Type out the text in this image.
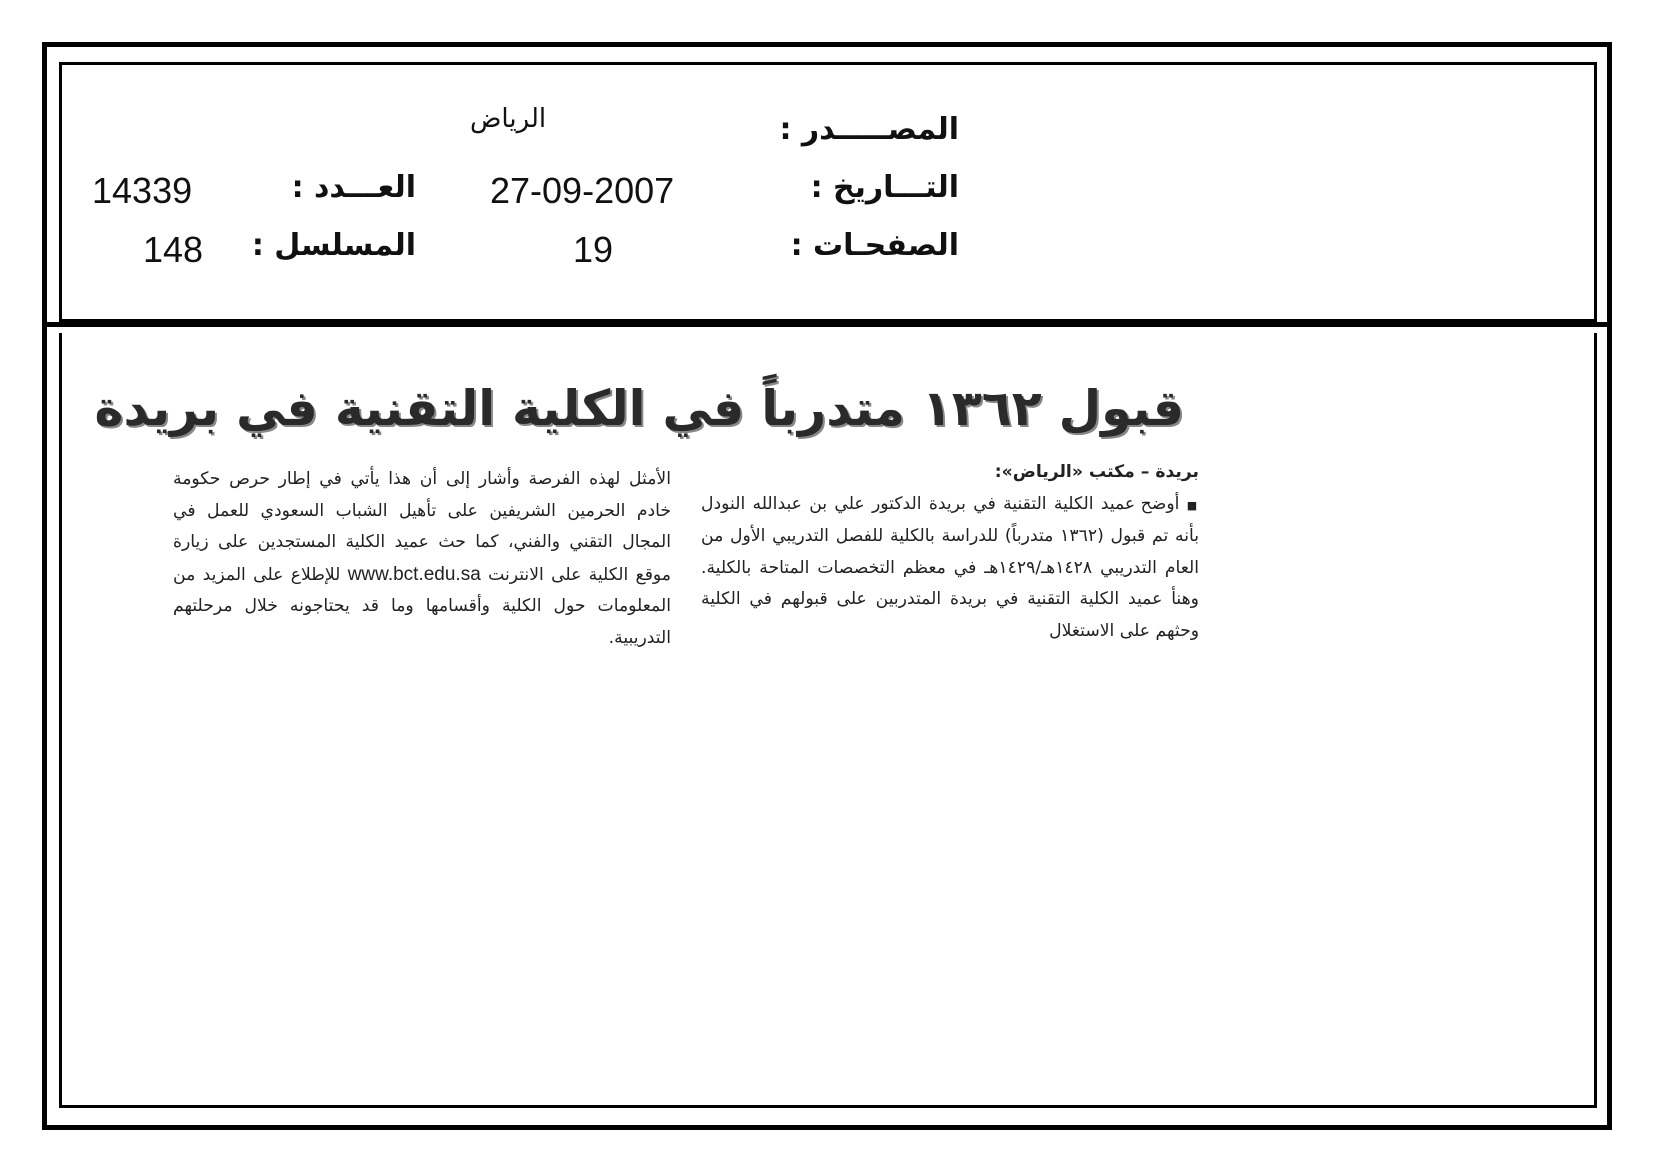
المصـــــدر :
التـــاريخ :
الصفحـات :
الرياض
27-09-2007
19
العـــدد :
المسلسل :
14339
148
قبول ١٣٦٢ متدرباً في الكلية التقنية في بريدة

بريدة – مكتب «الرياض»:

■ أوضح عميد الكلية التقنية في بريدة الدكتور علي بن عبدالله النودل بأنه تم قبول (١٣٦٢ متدرباً) للدراسة بالكلية للفصل التدريبي الأول من العام التدريبي ١٤٢٨هـ/١٤٢٩هـ في معظم التخصصات المتاحة بالكلية. وهنأ عميد الكلية التقنية في بريدة المتدربين على قبولهم في الكلية وحثهم على الاستغلال

الأمثل لهذه الفرصة وأشار إلى أن هذا يأتي في إطار حرص حكومة خادم الحرمين الشريفين على تأهيل الشباب السعودي للعمل في المجال التقني والفني، كما حث عميد الكلية المستجدين على زيارة موقع الكلية على الانترنت www.bct.edu.sa للإطلاع على المزيد من المعلومات حول الكلية وأقسامها وما قد يحتاجونه خلال مرحلتهم التدريبية.
